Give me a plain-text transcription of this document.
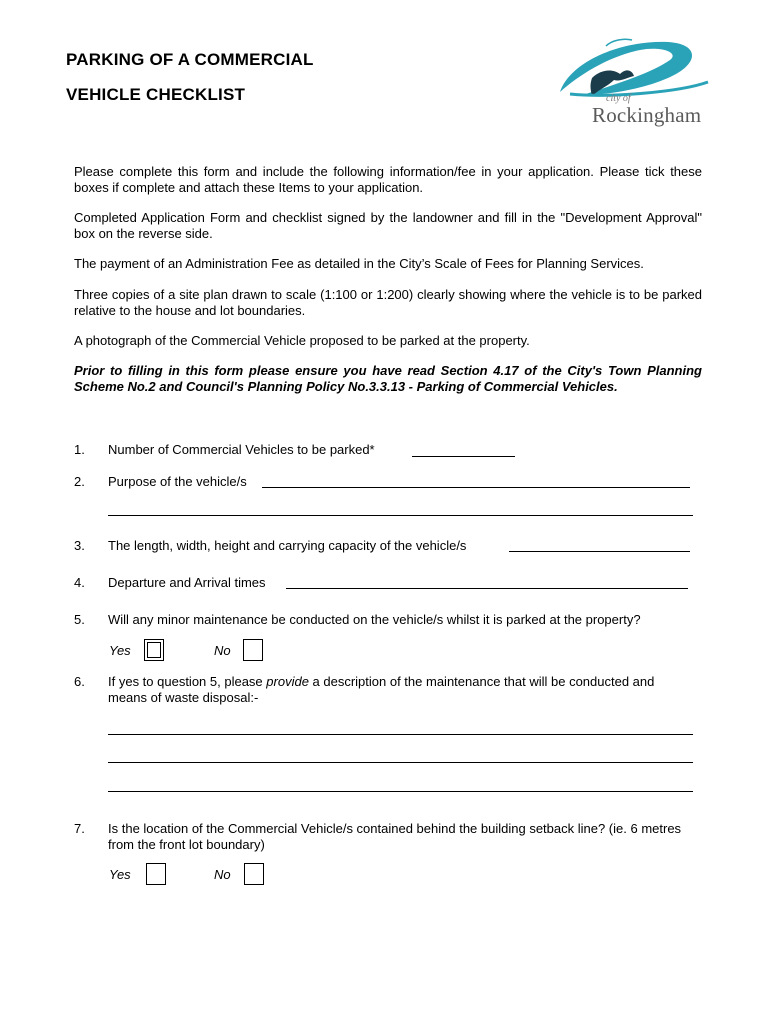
PARKING OF A COMMERCIAL
VEHICLE CHECKLIST	city of
Rockingham
Please complete this form and include the following information/fee in your application. Please tick these boxes if complete and attach these Items to your application.
Completed Application Form and checklist signed by the landowner and fill in the "Development Approval" box on the reverse side.
The payment of an Administration Fee as detailed in the City’s Scale of Fees for Planning Services.
Three copies of a site plan drawn to scale (1:100 or 1:200) clearly showing where the vehicle is to be parked relative to the house and lot boundaries.
A photograph of the Commercial Vehicle proposed to be parked at the property.
Prior to filling in this form please ensure you have read Section 4.17 of the City's Town Planning Scheme No.2 and Council's Planning Policy No.3.3.13 - Parking of Commercial Vehicles.
1. Number of Commercial Vehicles to be parked*
2. Purpose of the vehicle/s
3. The length, width, height and carrying capacity of the vehicle/s
4. Departure and Arrival times
5. Will any minor maintenance be conducted on the vehicle/s whilst it is parked at the property?
Yes	No
6. If yes to question 5, please provide a description of the maintenance that will be conducted and means of waste disposal:-
7. Is the location of the Commercial Vehicle/s contained behind the building setback line? (ie. 6 metres from the front lot boundary)
Yes	No
